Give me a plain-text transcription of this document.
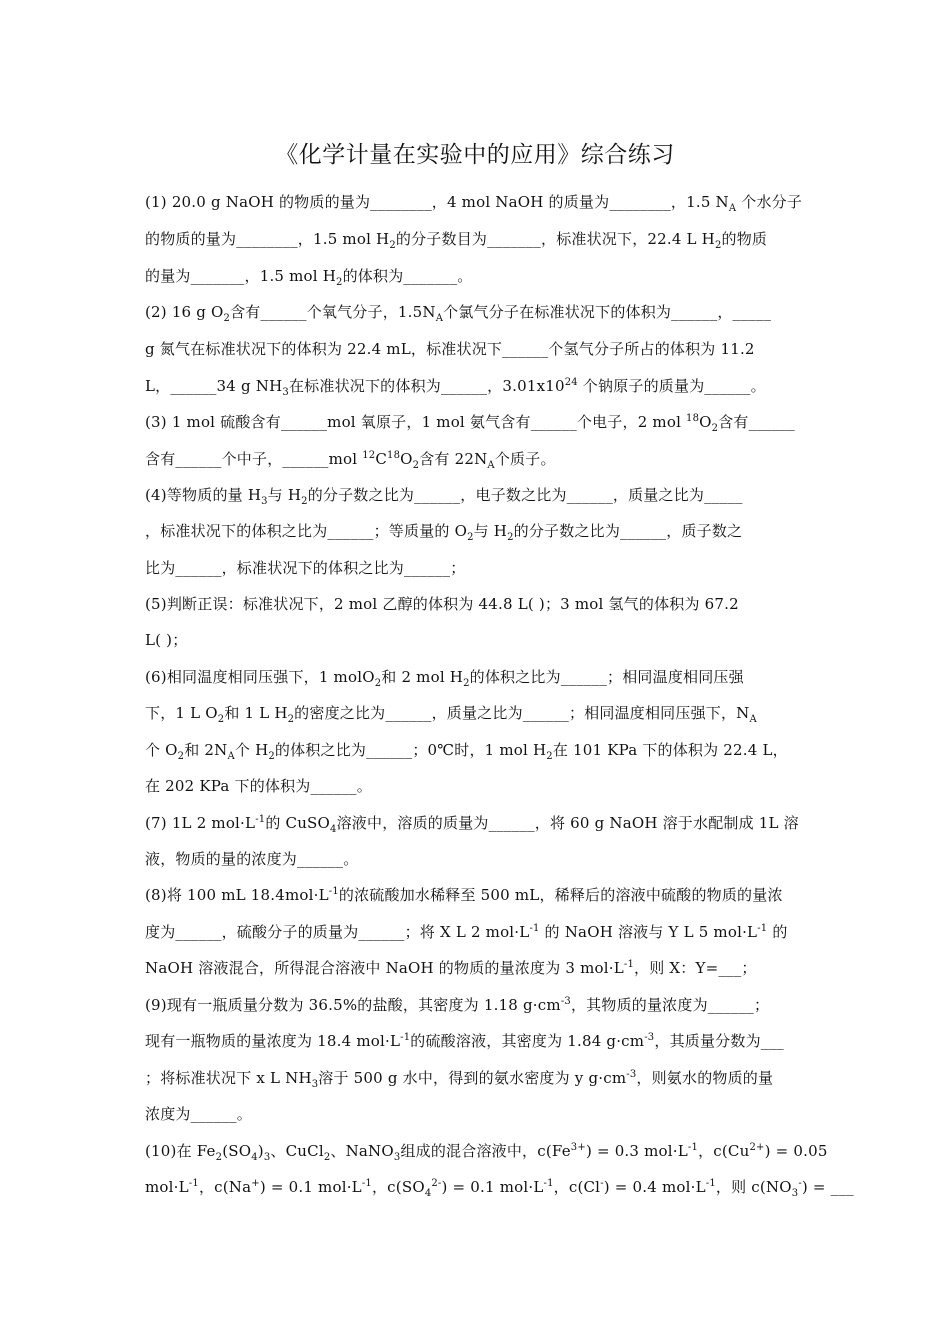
《化学计量在实验中的应用》综合练习
(1) 20.0 g NaOH 的物质的量为________，4 mol NaOH 的质量为________，1.5 $N_A$ 个水分子
的物质的量为________，1.5 mol $H_2$的分子数目为_______，标准状况下，22.4 L $H_2$的物质
的量为_______，1.5 mol $H_2$的体积为_______。
(2) 16 g $O_2$含有______个氧气分子，$1.5N_A$个氯气分子在标准状况下的体积为______，_____
g 氮气在标准状况下的体积为 22.4 mL，标准状况下______个氢气分子所占的体积为 11.2
L，______34 g $NH_3$在标准状况下的体积为______，$3.01x10^{24}$ 个钠原子的质量为______。
(3) 1 mol 硫酸含有______mol 氧原子，1 mol 氨气含有______个电子，2 mol $^{18}O_2$含有______
含有______个中子，______mol $^{12}C^{18}O_2$含有 $22N_A$个质子。
(4)等物质的量 $H_3$与 $H_2$的分子数之比为______，电子数之比为______，质量之比为_____
，标准状况下的体积之比为______；等质量的 $O_2$与 $H_2$的分子数之比为______，质子数之
比为______，标准状况下的体积之比为______；
(5)判断正误：标准状况下，2 mol 乙醇的体积为 44.8 L( )；3 mol 氢气的体积为 67.2
L( )；
(6)相同温度相同压强下，1 molO$_2$和 2 mol $H_2$的体积之比为______；相同温度相同压强
下，1 L $O_2$和 1 L $H_2$的密度之比为______，质量之比为______；相同温度相同压强下，$N_A$
个 $O_2$和 $2N_A$个 $H_2$的体积之比为______；0℃时，1 mol $H_2$在 101 KPa 下的体积为 22.4 L，
在 202 KPa 下的体积为______。
(7) 1L 2 $mol\cdot L^{-1}$的 CuSO$_4$溶液中，溶质的质量为______，将 60 g NaOH 溶于水配制成 1L 溶
液，物质的量的浓度为______。
(8)将 100 mL $18.4mol\cdot L^{-1}$的浓硫酸加水稀释至 500 mL，稀释后的溶液中硫酸的物质的量浓
度为______，硫酸分子的质量为______；将 X L 2 $mol\cdot L^{-1}$ 的 NaOH 溶液与 Y L 5 $mol\cdot L^{-1}$ 的
NaOH 溶液混合，所得混合溶液中 NaOH 的物质的量浓度为 3 $mol\cdot L^{-1}$，则 X：Y=___；
(9)现有一瓶质量分数为 36.5%的盐酸，其密度为 1.18 $g\cdot cm^{-3}$，其物质的量浓度为______；
现有一瓶物质的量浓度为 18.4 $mol\cdot L^{-1}$的硫酸溶液，其密度为 1.84 $g\cdot cm^{-3}$，其质量分数为___
；将标准状况下 x L $NH_3$溶于 500 g 水中，得到的氨水密度为 y $g\cdot cm^{-3}$，则氨水的物质的量
浓度为______。
(10)在 $Fe_2(SO_4)_3$、CuCl$_2$、NaNO$_3$组成的混合溶液中，$c(Fe^{3+}) = 0.3$ $mol\cdot L^{-1}$，$c(Cu^{2+}) = 0.05$
$mol\cdot L^{-1}$，c(Na+) = 0.1 $mol\cdot L^{-1}$，$c(SO_4^{2-}) = 0.1$ $mol\cdot L^{-1}$，c(Cl-) = 0.4 $mol\cdot L^{-1}$，则 $c(NO_3^-)$ = ___
